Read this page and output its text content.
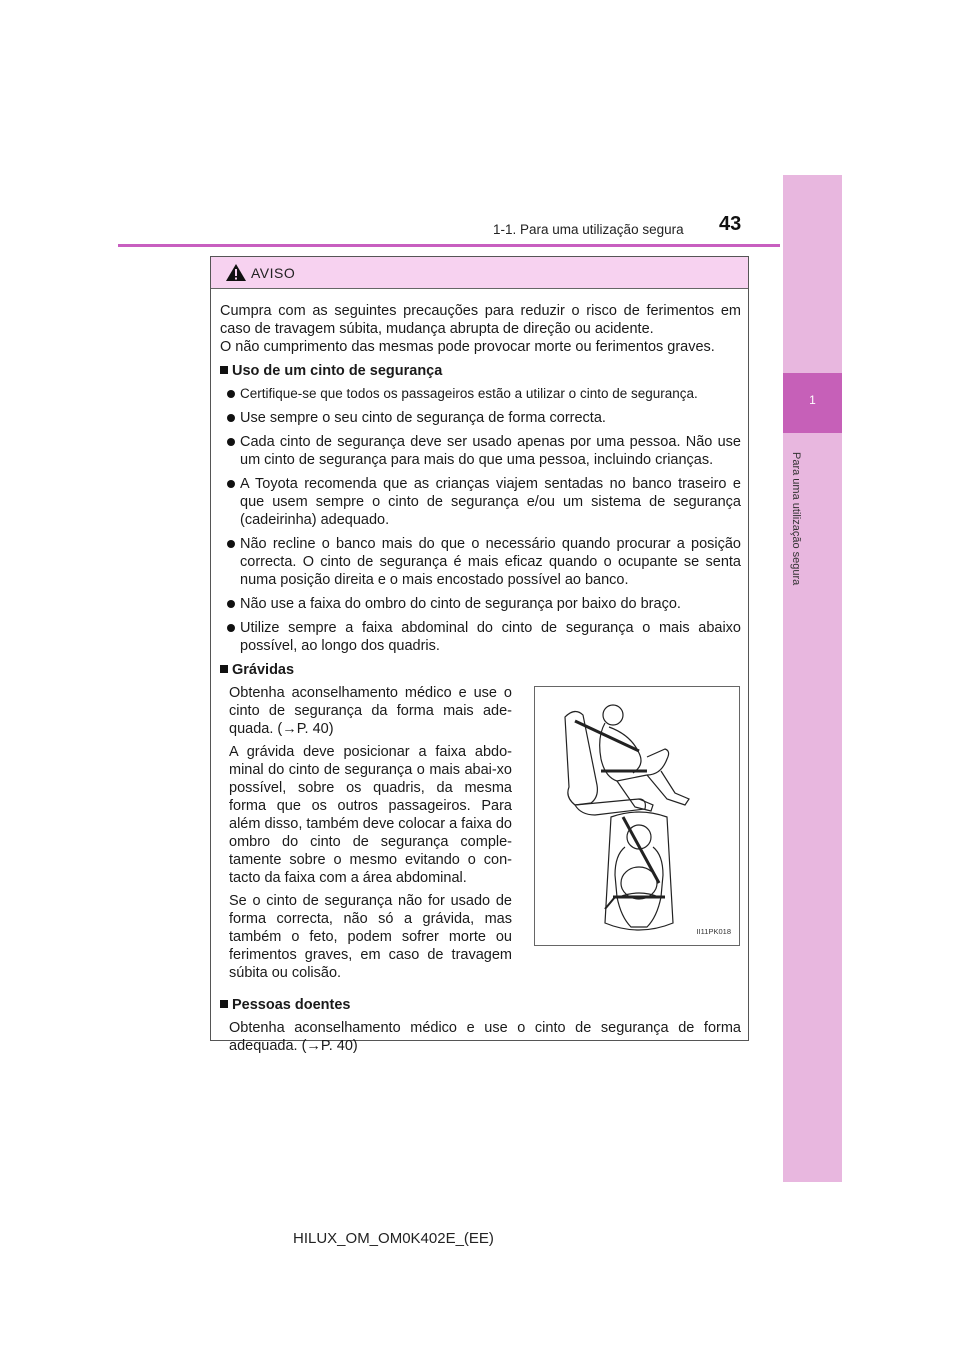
1-1. Para uma utilização segura 43
1
Para uma utilização segura
AVISO
Cumpra com as seguintes precauções para reduzir o risco de ferimentos em caso de travagem súbita, mudança abrupta de direção ou acidente.
O não cumprimento das mesmas pode provocar morte ou ferimentos graves.
Uso de um cinto de segurança
Certifique-se que todos os passageiros estão a utilizar o cinto de segurança.
Use sempre o seu cinto de segurança de forma correcta.
Cada cinto de segurança deve ser usado apenas por uma pessoa. Não use um cinto de segurança para mais do que uma pessoa, incluindo crianças.
A Toyota recomenda que as crianças viajem sentadas no banco traseiro e que usem sempre o cinto de segurança e/ou um sistema de segurança (cadeirinha) adequado.
Não recline o banco mais do que o necessário quando procurar a posição correcta. O cinto de segurança é mais eficaz quando o ocupante se senta numa posição direita e o mais encostado possível ao banco.
Não use a faixa do ombro do cinto de segurança por baixo do braço.
Utilize sempre a faixa abdominal do cinto de segurança o mais abaixo possível, ao longo dos quadris.
Grávidas

Obtenha aconselhamento médico e use o cinto de segurança da forma mais ade-quada. (→P. 40)

A grávida deve posicionar a faixa abdo-minal do cinto de segurança o mais abai-xo possível, sobre os quadris, da mesma forma que os outros passageiros. Para além disso, também deve colocar a faixa do ombro do cinto de segurança comple-tamente sobre o mesmo evitando o con-tacto da faixa com a área abdominal.

Se o cinto de segurança não for usado de forma correcta, não só a grávida, mas também o feto, podem sofrer morte ou ferimentos graves, em caso de travagem súbita ou colisão.

II11PK018
Pessoas doentes
Obtenha aconselhamento médico e use o cinto de segurança de forma adequada. (→P. 40)
HILUX_OM_OM0K402E_(EE)
